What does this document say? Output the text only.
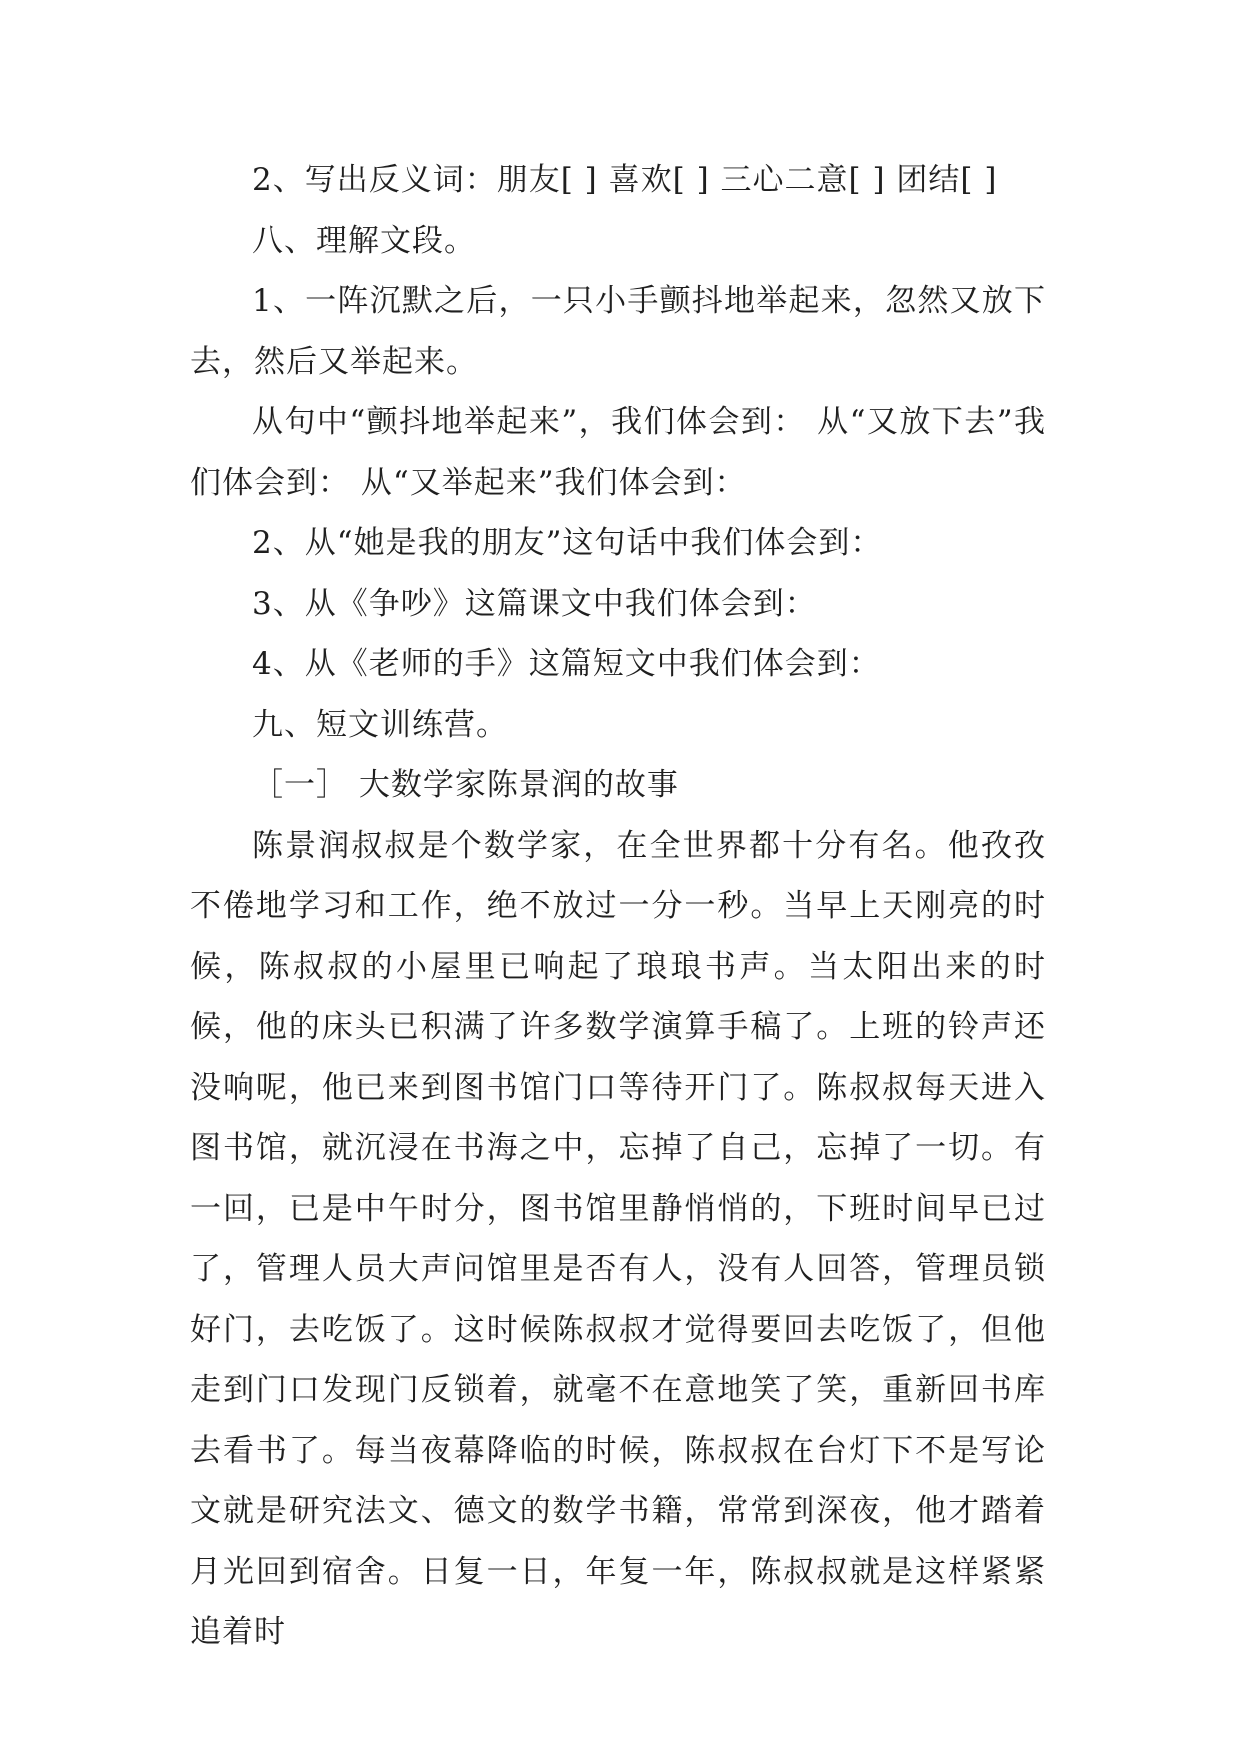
2、写出反义词：朋友[ ] 喜欢[ ] 三心二意[ ] 团结[ ]

八、理解文段。

1、一阵沉默之后，一只小手颤抖地举起来，忽然又放下去，然后又举起来。

从句中“颤抖地举起来”，我们体会到： 从“又放下去”我们体会到： 从“又举起来”我们体会到：

2、从“她是我的朋友”这句话中我们体会到：

3、从《争吵》这篇课文中我们体会到：

4、从《老师的手》这篇短文中我们体会到：

九、短文训练营。

［一］ 大数学家陈景润的故事

陈景润叔叔是个数学家，在全世界都十分有名。他孜孜不倦地学习和工作，绝不放过一分一秒。当早上天刚亮的时候，陈叔叔的小屋里已响起了琅琅书声。当太阳出来的时候，他的床头已积满了许多数学演算手稿了。上班的铃声还没响呢，他已来到图书馆门口等待开门了。陈叔叔每天进入图书馆，就沉浸在书海之中，忘掉了自己，忘掉了一切。有一回，已是中午时分，图书馆里静悄悄的，下班时间早已过了，管理人员大声问馆里是否有人，没有人回答，管理员锁好门，去吃饭了。这时候陈叔叔才觉得要回去吃饭了，但他走到门口发现门反锁着，就毫不在意地笑了笑，重新回书库去看书了。每当夜幕降临的时候，陈叔叔在台灯下不是写论文就是研究法文、德文的数学书籍，常常到深夜，他才踏着月光回到宿舍。日复一日，年复一年，陈叔叔就是这样紧紧追着时
